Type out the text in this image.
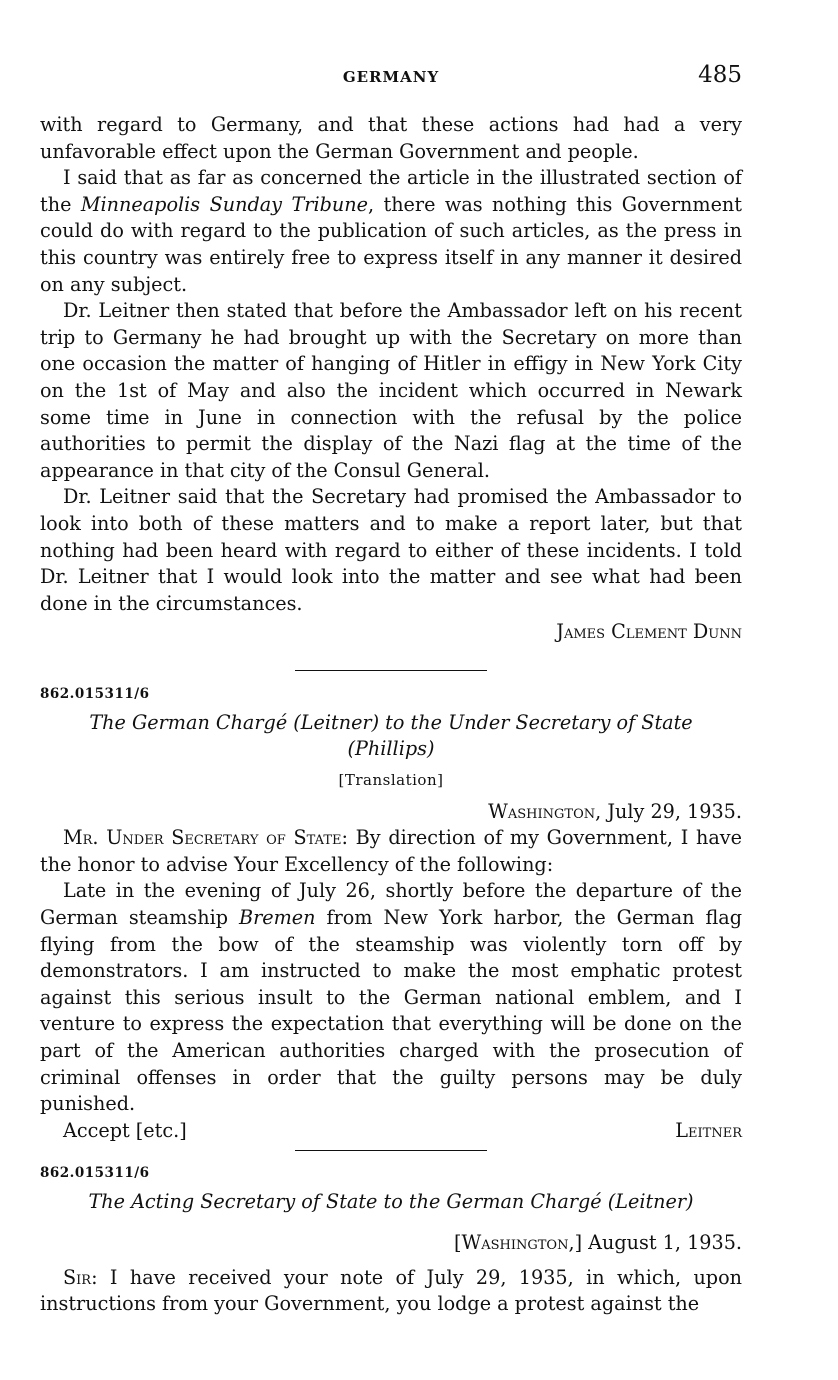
GERMANY	485

with regard to Germany, and that these actions had had a very unfavorable effect upon the German Government and people.

I said that as far as concerned the article in the illustrated section of the Minneapolis Sunday Tribune, there was nothing this Government could do with regard to the publication of such articles, as the press in this country was entirely free to express itself in any manner it desired on any subject.

Dr. Leitner then stated that before the Ambassador left on his recent trip to Germany he had brought up with the Secretary on more than one occasion the matter of hanging of Hitler in effigy in New York City on the 1st of May and also the incident which occurred in Newark some time in June in connection with the refusal by the police authorities to permit the display of the Nazi flag at the time of the appearance in that city of the Consul General.

Dr. Leitner said that the Secretary had promised the Ambassador to look into both of these matters and to make a report later, but that nothing had been heard with regard to either of these incidents. I told Dr. Leitner that I would look into the matter and see what had been done in the circumstances.

James Clement Dunn

862.015311/6

The German Chargé (Leitner) to the Under Secretary of State

(Phillips)

[Translation]

Washington, July 29, 1935.

Mr. Under Secretary of State: By direction of my Government, I have the honor to advise Your Excellency of the following:

Late in the evening of July 26, shortly before the departure of the German steamship Bremen from New York harbor, the German flag flying from the bow of the steamship was violently torn off by demonstrators. I am instructed to make the most emphatic protest against this serious insult to the German national emblem, and I venture to express the expectation that everything will be done on the part of the American authorities charged with the prosecution of criminal offenses in order that the guilty persons may be duly punished.

Accept [etc.]	Leitner

862.015311/6

The Acting Secretary of State to the German Chargé (Leitner)

[Washington,] August 1, 1935.

Sir: I have received your note of July 29, 1935, in which, upon instructions from your Government, you lodge a protest against the
